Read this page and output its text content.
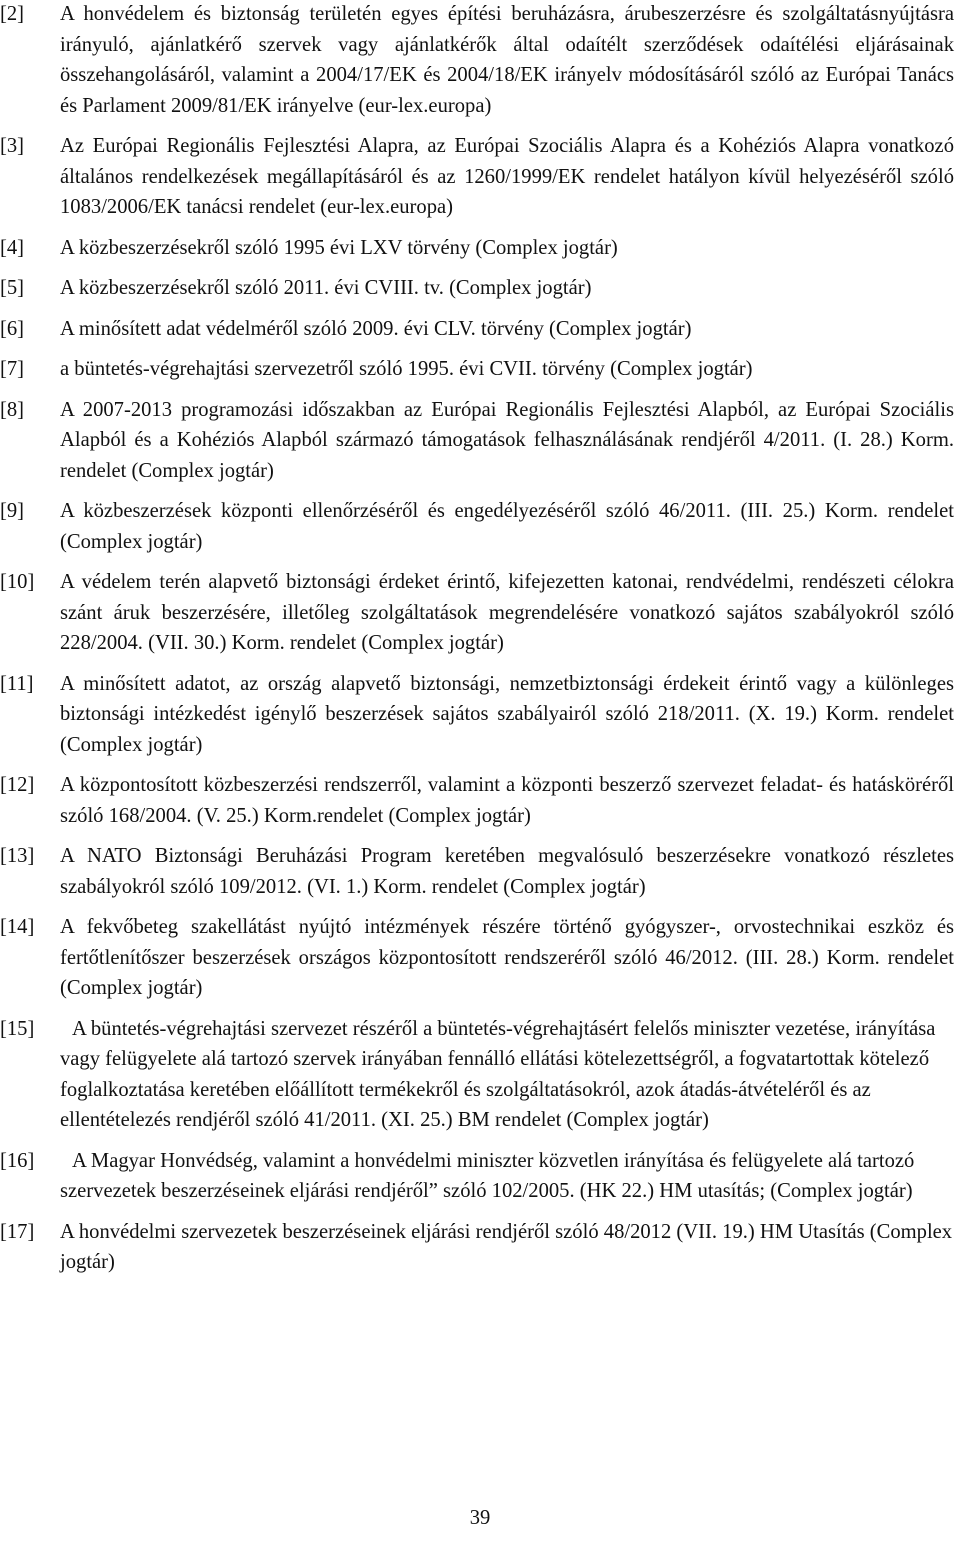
[2]	A honvédelem és biztonság területén egyes építési beruházásra, árubeszerzésre és szolgáltatásnyújtásra irányuló, ajánlatkérő szervek vagy ajánlatkérők által odaítélt szerződések odaítélési eljárásainak összehangolásáról, valamint a 2004/17/EK és 2004/18/EK irányelv módosításáról szóló az Európai Tanács és Parlament 2009/81/EK irányelve (eur-lex.europa)
[3]	Az Európai Regionális Fejlesztési Alapra, az Európai Szociális Alapra és a Kohéziós Alapra vonatkozó általános rendelkezések megállapításáról és az 1260/1999/EK rendelet hatályon kívül helyezéséről szóló 1083/2006/EK tanácsi rendelet (eur-lex.europa)
[4]	A közbeszerzésekről szóló 1995 évi LXV törvény (Complex jogtár)
[5]	A közbeszerzésekről szóló 2011. évi CVIII. tv. (Complex jogtár)
[6]	A minősített adat védelméről szóló 2009. évi CLV. törvény (Complex jogtár)
[7]	a büntetés-végrehajtási szervezetről szóló 1995. évi CVII. törvény (Complex jogtár)
[8]	A 2007-2013 programozási időszakban az Európai Regionális Fejlesztési Alapból, az Európai Szociális Alapból és a Kohéziós Alapból származó támogatások felhasználásának rendjéről 4/2011. (I. 28.) Korm. rendelet (Complex jogtár)
[9]	A közbeszerzések központi ellenőrzéséről és engedélyezéséről szóló 46/2011. (III. 25.) Korm. rendelet (Complex jogtár)
[10]	A védelem terén alapvető biztonsági érdeket érintő, kifejezetten katonai, rendvédelmi, rendészeti célokra szánt áruk beszerzésére, illetőleg szolgáltatások megrendelésére vonatkozó sajátos szabályokról szóló 228/2004. (VII. 30.) Korm. rendelet (Complex jogtár)
[11]	A minősített adatot, az ország alapvető biztonsági, nemzetbiztonsági érdekeit érintő vagy a különleges biztonsági intézkedést igénylő beszerzések sajátos szabályairól szóló 218/2011. (X. 19.) Korm. rendelet (Complex jogtár)
[12]	A központosított közbeszerzési rendszerről, valamint a központi beszerző szervezet feladat- és hatásköréről szóló 168/2004. (V. 25.) Korm.rendelet (Complex jogtár)
[13]	A NATO Biztonsági Beruházási Program keretében megvalósuló beszerzésekre vonatkozó részletes szabályokról szóló 109/2012. (VI. 1.) Korm. rendelet (Complex jogtár)
[14]	A fekvőbeteg szakellátást nyújtó intézmények részére történő gyógyszer-, orvostechnikai eszköz és fertőtlenítőszer beszerzések országos központosított rendszeréről szóló 46/2012. (III. 28.) Korm. rendelet (Complex jogtár)
[15]	A büntetés-végrehajtási szervezet részéről a büntetés-végrehajtásért felelős miniszter vezetése, irányítása vagy felügyelete alá tartozó szervek irányában fennálló ellátási kötelezettségről, a fogvatartottak kötelező foglalkoztatása keretében előállított termékekről és szolgáltatásokról, azok átadás-átvételéről és az ellentételezés rendjéről szóló 41/2011. (XI. 25.) BM rendelet (Complex jogtár)
[16]	A Magyar Honvédség, valamint a honvédelmi miniszter közvetlen irányítása és felügyelete alá tartozó szervezetek beszerzéseinek eljárási rendjéről” szóló 102/2005. (HK 22.) HM utasítás; (Complex jogtár)
[17]	A honvédelmi szervezetek beszerzéseinek eljárási rendjéről szóló 48/2012 (VII. 19.) HM Utasítás (Complex jogtár)
39
